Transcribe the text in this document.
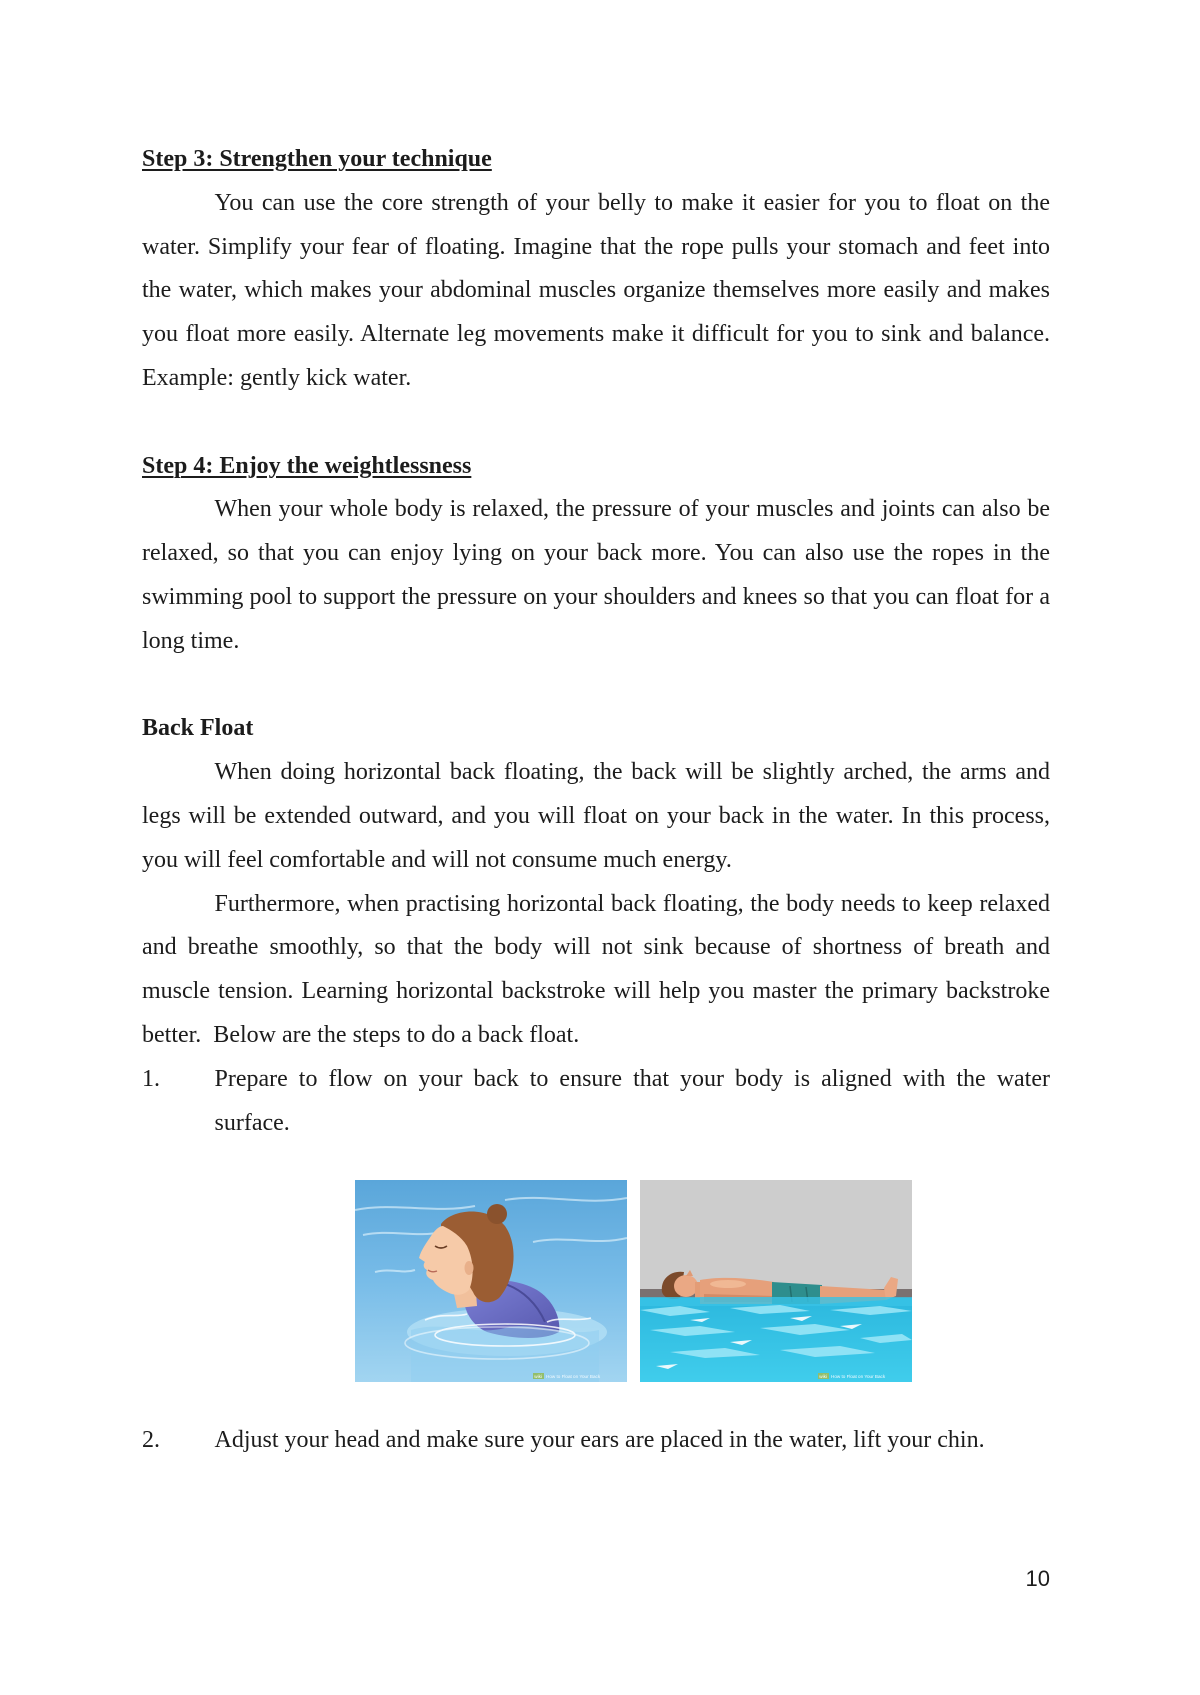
Step 3: Strengthen your technique
You can use the core strength of your belly to make it easier for you to float on the
water. Simplify your fear of floating. Imagine that the rope pulls your stomach and feet into
the water, which makes your abdominal muscles organize themselves more easily and makes
you float more easily. Alternate leg movements make it difficult for you to sink and balance.
Example: gently kick water.
Step 4: Enjoy the weightlessness
When your whole body is relaxed, the pressure of your muscles and joints can also be
relaxed, so that you can enjoy lying on your back more. You can also use the ropes in the
swimming pool to support the pressure on your shoulders and knees so that you can float for a
long time.
Back Float
When doing horizontal back floating, the back will be slightly arched, the arms and
legs will be extended outward, and you will float on your back in the water. In this process,
you will feel comfortable and will not consume much energy.
Furthermore, when practising horizontal back floating, the body needs to keep relaxed
and breathe smoothly, so that the body will not sink because of shortness of breath and
muscle tension. Learning horizontal backstroke will help you master the primary backstroke
better.  Below are the steps to do a back float.
1. Prepare to flow on your back to ensure that your body is aligned with the water
surface.
wiki How to Float on Your Back	wiki How to Float on Your Back
2. Adjust your head and make sure your ears are placed in the water, lift your chin.
10
